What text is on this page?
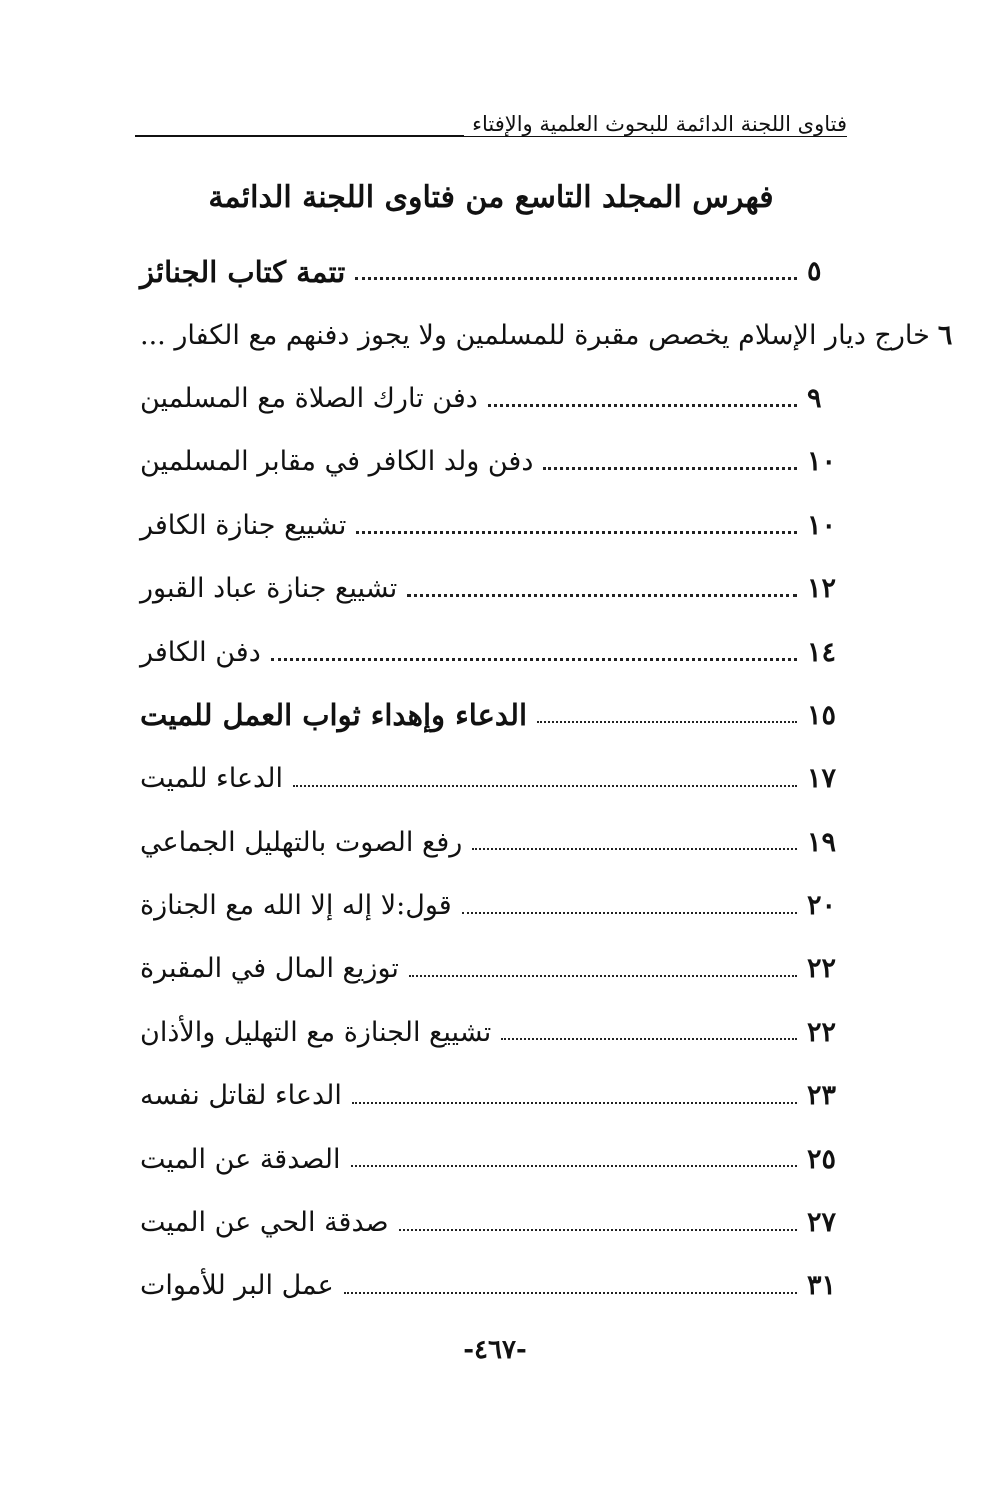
فتاوى اللجنة الدائمة للبحوث العلمية والإفتاء
فهرس المجلد التاسع من فتاوى اللجنة الدائمة
تتمة كتاب الجنائز	٥
خارج ديار الإسلام يخصص مقبرة للمسلمين ولا يجوز دفنهم مع الكفار ... ٦
دفن تارك الصلاة مع المسلمين	٩
دفن ولد الكافر في مقابر المسلمين	١٠
تشييع جنازة الكافر	١٠
تشييع جنازة عباد القبور	١٢
دفن الكافر	١٤
الدعاء وإهداء ثواب العمل للميت	١٥
الدعاء للميت	١٧
رفع الصوت بالتهليل الجماعي	١٩
قول:لا إله إلا الله مع الجنازة	٢٠
توزيع المال في المقبرة	٢٢
تشييع الجنازة مع التهليل والأذان	٢٢
الدعاء لقاتل نفسه	٢٣
الصدقة عن الميت	٢٥
صدقة الحي عن الميت	٢٧
عمل البر للأموات	٣١
-٤٦٧-
